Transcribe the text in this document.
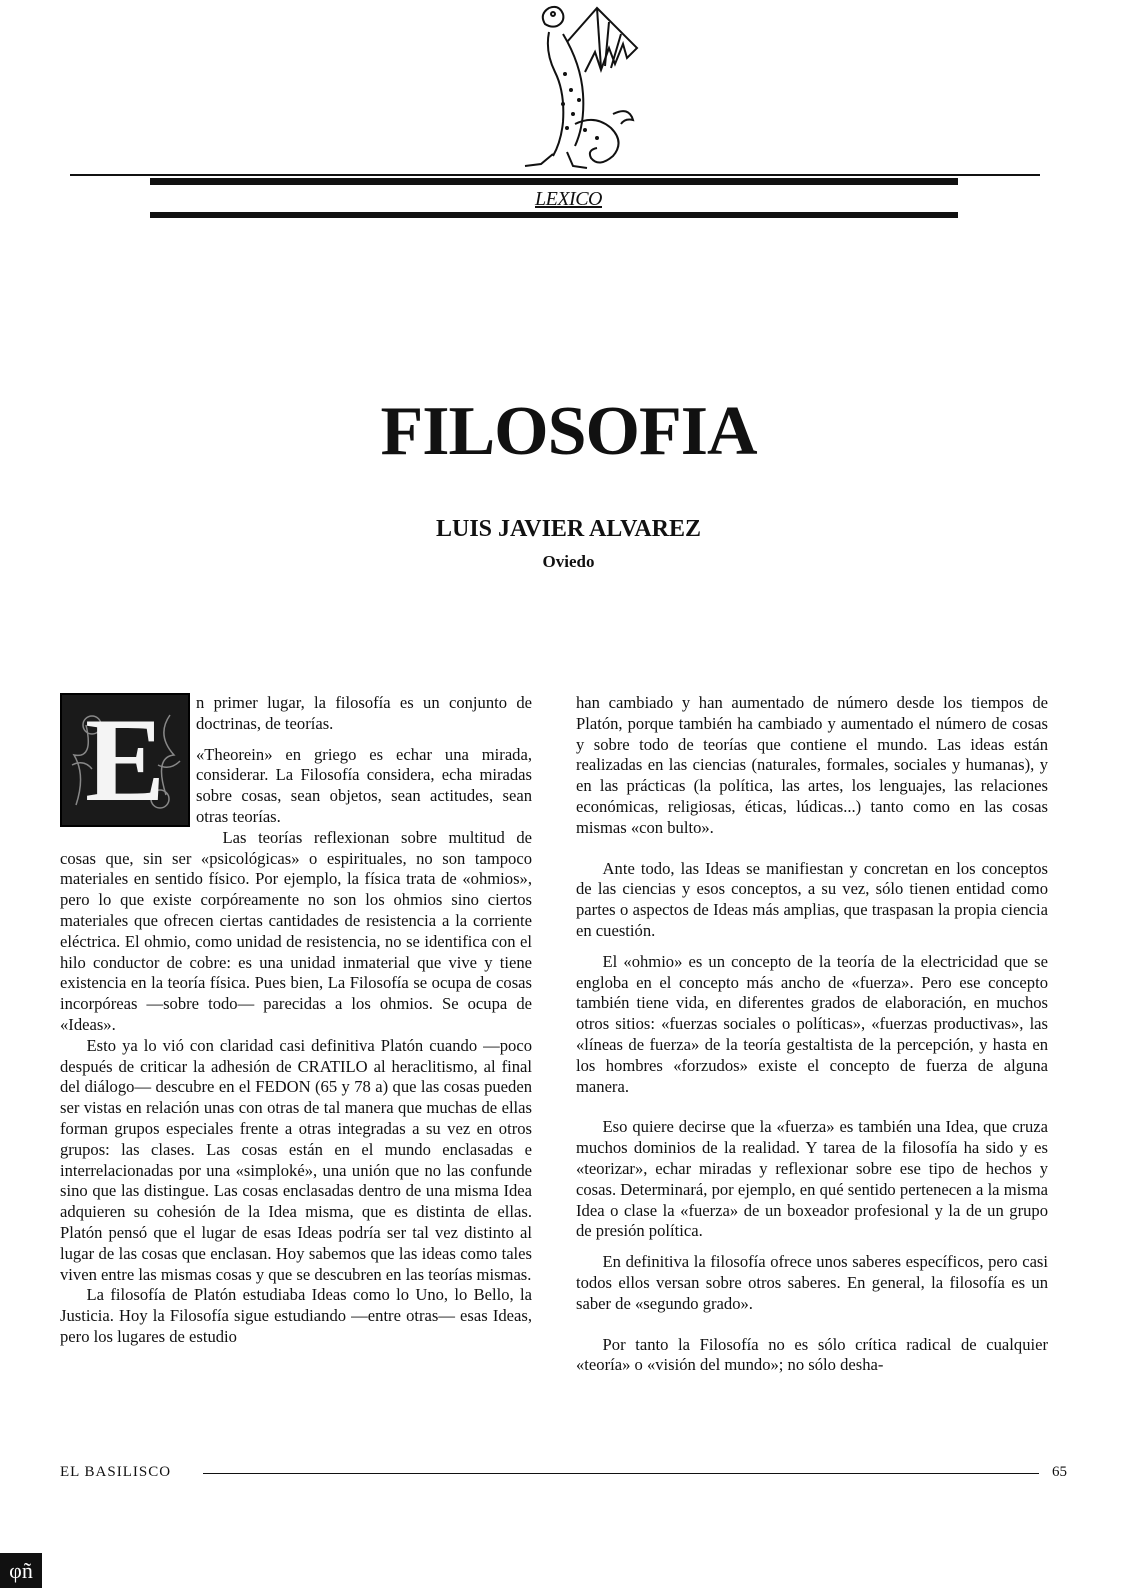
LEXICO
FILOSOFIA
LUIS JAVIER ALVAREZ
Oviedo
E	n primer lugar, la filosofía es un conjunto de doctrinas, de teorías.

«Theorein» en griego es echar una mirada, considerar. La Filosofía considera, echa miradas sobre cosas, sean objetos, sean actitudes, sean otras teorías.

Las teorías reflexionan sobre multitud de cosas que, sin ser «psicológicas» o espirituales, no son tampoco materiales en sentido físico. Por ejemplo, la física trata de «ohmios», pero lo que existe corpóreamente no son los ohmios sino ciertos materiales que ofrecen ciertas cantidades de resistencia a la corriente eléctrica. El ohmio, como unidad de resistencia, no se identifica con el hilo conductor de cobre: es una unidad inmaterial que vive y tiene existencia en la teoría física. Pues bien, La Filosofía se ocupa de cosas incorpóreas —sobre todo— parecidas a los ohmios. Se ocupa de «Ideas».

Esto ya lo vió con claridad casi definitiva Platón cuando —poco después de criticar la adhesión de CRATILO al heraclitismo, al final del diálogo— descubre en el FEDON (65 y 78 a) que las cosas pueden ser vistas en relación unas con otras de tal manera que muchas de ellas forman grupos especiales frente a otras integradas a su vez en otros grupos: las clases. Las cosas están en el mundo enclasadas e interrelacionadas por una «simploké», una unión que no las confunde sino que las distingue. Las cosas enclasadas dentro de una misma Idea adquieren su cohesión de la Idea misma, que es distinta de ellas. Platón pensó que el lugar de esas Ideas podría ser tal vez distinto al lugar de las cosas que enclasan. Hoy sabemos que las ideas como tales viven entre las mismas cosas y que se descubren en las teorías mismas.

La filosofía de Platón estudiaba Ideas como lo Uno, lo Bello, la Justicia. Hoy la Filosofía sigue estudiando —entre otras— esas Ideas, pero los lugares de estudio

han cambiado y han aumentado de número desde los tiempos de Platón, porque también ha cambiado y aumentado el número de cosas y sobre todo de teorías que contiene el mundo. Las ideas están realizadas en las ciencias (naturales, formales, sociales y humanas), y en las prácticas (la política, las artes, los lenguajes, las relaciones económicas, religiosas, éticas, lúdicas...) tanto como en las cosas mismas «con bulto».

Ante todo, las Ideas se manifiestan y concretan en los conceptos de las ciencias y esos conceptos, a su vez, sólo tienen entidad como partes o aspectos de Ideas más amplias, que traspasan la propia ciencia en cuestión.

El «ohmio» es un concepto de la teoría de la electricidad que se engloba en el concepto más ancho de «fuerza». Pero ese concepto también tiene vida, en diferentes grados de elaboración, en muchos otros sitios: «fuerzas sociales o políticas», «fuerzas productivas», las «líneas de fuerza» de la teoría gestaltista de la percepción, y hasta en los hombres «forzudos» existe el concepto de fuerza de alguna manera.

Eso quiere decirse que la «fuerza» es también una Idea, que cruza muchos dominios de la realidad. Y tarea de la filosofía ha sido y es «teorizar», echar miradas y reflexionar sobre ese tipo de hechos y cosas. Determinará, por ejemplo, en qué sentido pertenecen a la misma Idea o clase la «fuerza» de un boxeador profesional y la de un grupo de presión política.

En definitiva la filosofía ofrece unos saberes específicos, pero casi todos ellos versan sobre otros saberes. En general, la filosofía es un saber de «segundo grado».

Por tanto la Filosofía no es sólo crítica radical de cualquier «teoría» o «visión del mundo»; no sólo desha-

EL BASILISCO	65
φñ
